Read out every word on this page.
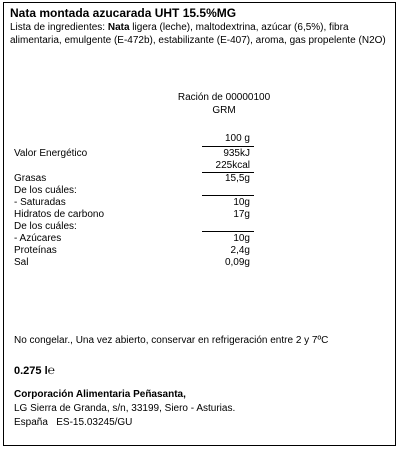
Nata montada azucarada UHT 15.5%MG
Lista de ingredientes: Nata ligera (leche), maltodextrina, azúcar (6,5%), fibra alimentaria, emulgente (E-472b), estabilizante (E-407), aroma, gas propelente (N2O)
Ración de 00000100
GRM
100 g
Valor Energético	935kJ
225kcal
Grasas	15,5g
De los cuáles:
- Saturadas	10g
Hidratos de carbono	17g
De los cuáles:
- Azúcares	10g
Proteínas	2,4g
Sal	0,09g
No congelar., Una vez abierto, conservar en refrigeración entre 2 y 7ºC
0.275 l℮
Corporación Alimentaria Peñasanta,
LG Sierra de Granda, s/n, 33199, Siero - Asturias.
España   ES-15.03245/GU
